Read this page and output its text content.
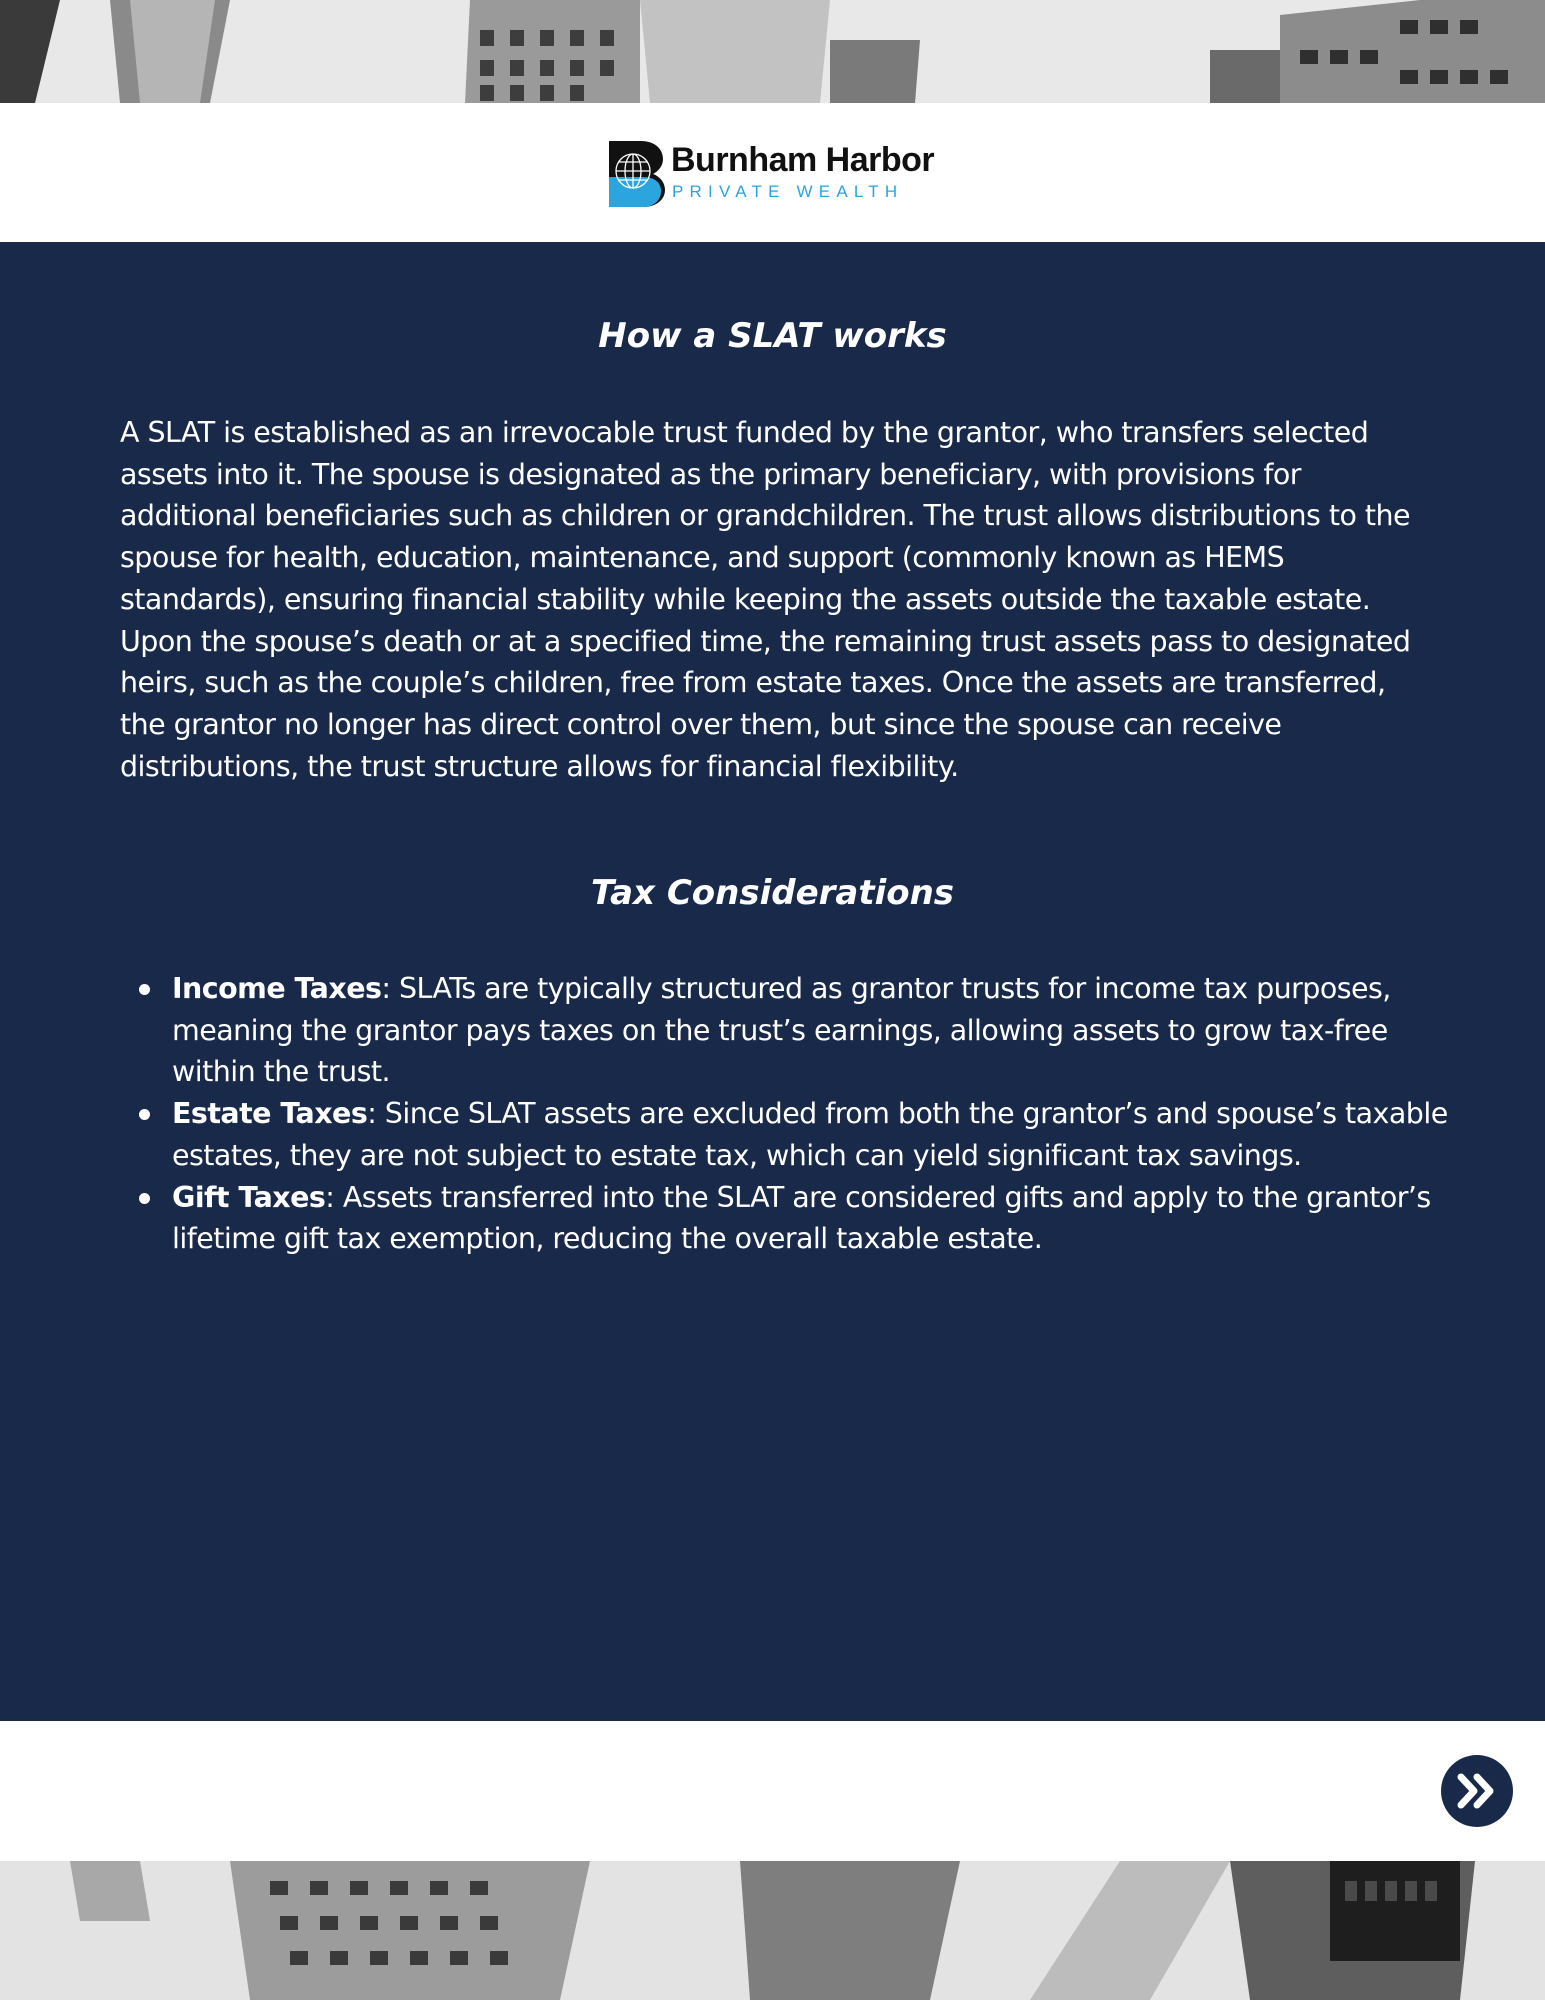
Burnham Harbor
PRIVATE WEALTH
How a SLAT works

A SLAT is established as an irrevocable trust funded by the grantor, who transfers selected assets into it. The spouse is designated as the primary beneficiary, with provisions for additional beneficiaries such as children or grandchildren. The trust allows distributions to the spouse for health, education, maintenance, and support (commonly known as HEMS standards), ensuring financial stability while keeping the assets outside the taxable estate. Upon the spouse’s death or at a specified time, the remaining trust assets pass to designated heirs, such as the couple’s children, free from estate taxes. Once the assets are transferred, the grantor no longer has direct control over them, but since the spouse can receive distributions, the trust structure allows for financial flexibility.

Tax Considerations
Income Taxes: SLATs are typically structured as grantor trusts for income tax purposes, meaning the grantor pays taxes on the trust’s earnings, allowing assets to grow tax-free within the trust.
Estate Taxes: Since SLAT assets are excluded from both the grantor’s and spouse’s taxable estates, they are not subject to estate tax, which can yield significant tax savings.
Gift Taxes: Assets transferred into the SLAT are considered gifts and apply to the grantor’s lifetime gift tax exemption, reducing the overall taxable estate.
